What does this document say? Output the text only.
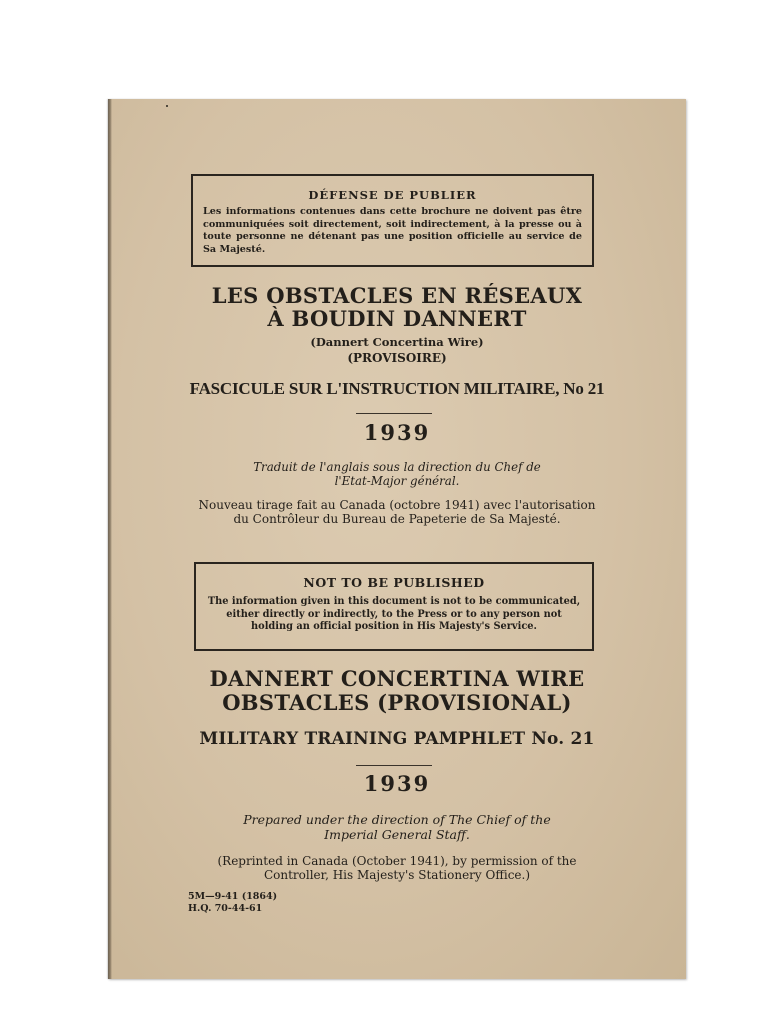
DÉFENSE DE PUBLIER
Les informations contenues dans cette brochure ne doivent pas être communiquées soit directement, soit indirectement, à la presse ou à toute personne ne détenant pas une position officielle au service de Sa Majesté.
LES OBSTACLES EN RÉSEAUX
À BOUDIN DANNERT
(Dannert Concertina Wire)
(PROVISOIRE)
FASCICULE SUR L'INSTRUCTION MILITAIRE, No 21
1939
Traduit de l'anglais sous la direction du Chef de
l'Etat-Major général.
Nouveau tirage fait au Canada (octobre 1941) avec l'autorisation
du Contrôleur du Bureau de Papeterie de Sa Majesté.
NOT TO BE PUBLISHED
The information given in this document is not to be communicated, either directly or indirectly, to the Press or to any person not holding an official position in His Majesty's Service.
DANNERT CONCERTINA WIRE
OBSTACLES (PROVISIONAL)
MILITARY TRAINING PAMPHLET No. 21
1939
Prepared under the direction of The Chief of the
Imperial General Staff.
(Reprinted in Canada (October 1941), by permission of the
Controller, His Majesty's Stationery Office.)
5M—9-41 (1864)
H.Q. 70-44-61
